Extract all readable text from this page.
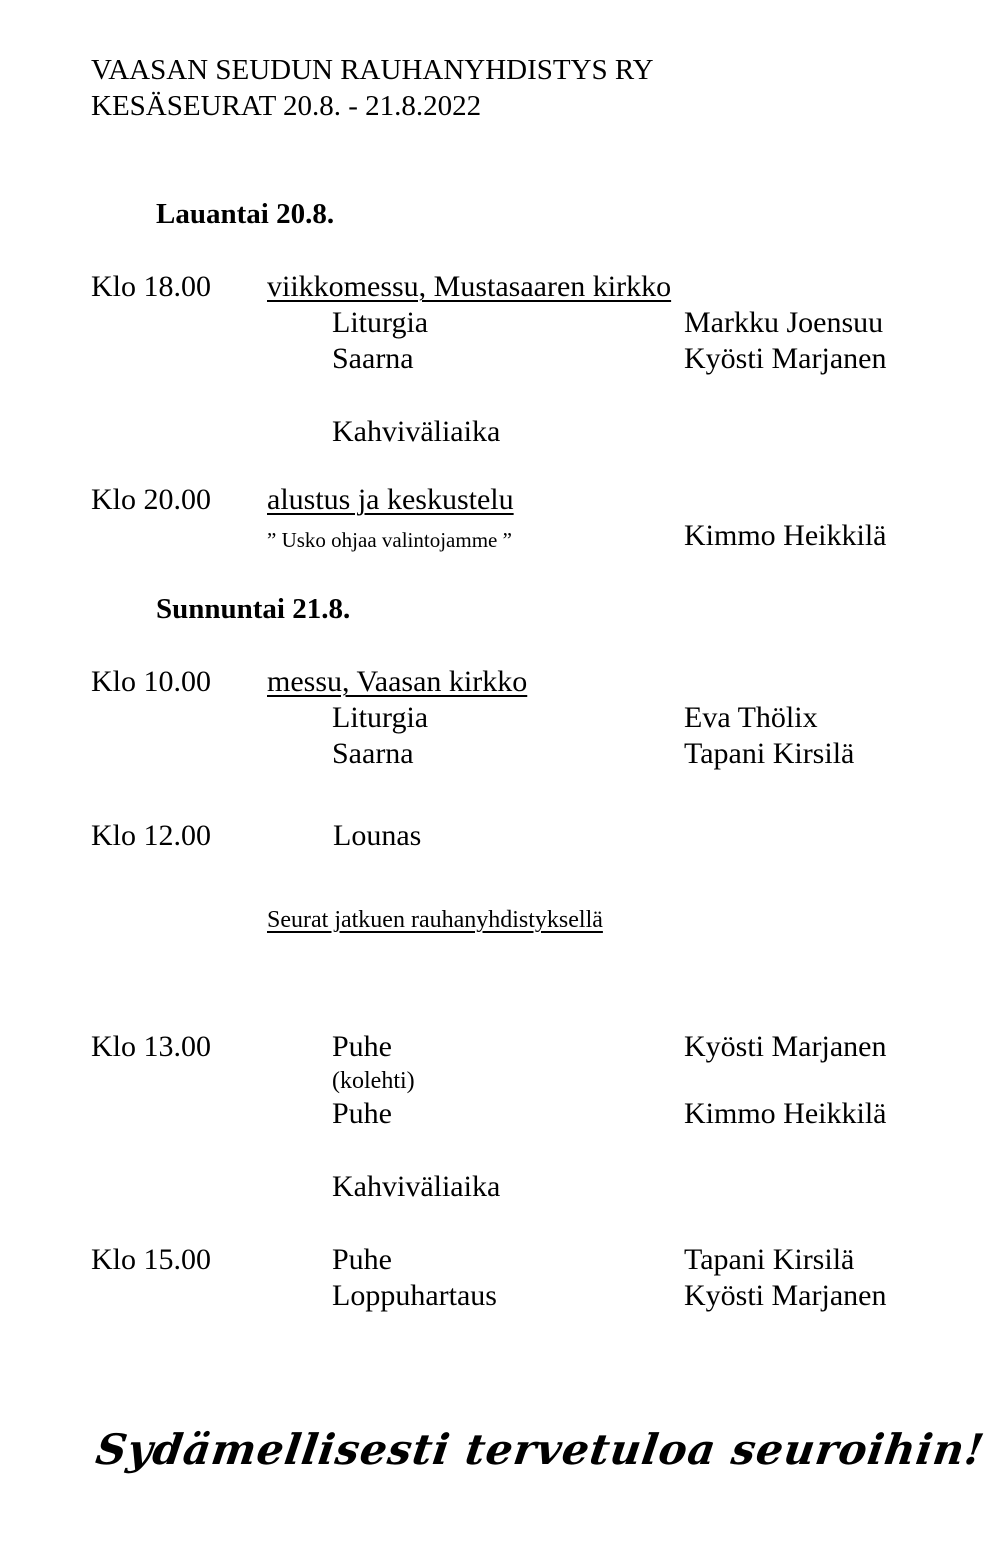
VAASAN SEUDUN RAUHANYHDISTYS RY
KESÄSEURAT 20.8. - 21.8.2022
Lauantai 20.8.
Klo 18.00 viikkomessu, Mustasaaren kirkko
Liturgia	Markku Joensuu
Saarna	Kyösti Marjanen
Kahviväliaika
Klo 20.00 alustus ja keskustelu
” Usko ohjaa valintojamme ”	Kimmo Heikkilä
Sunnuntai 21.8.
Klo 10.00 messu, Vaasan kirkko
Liturgia	Eva Thölix
Saarna	Tapani Kirsilä
Klo 12.00	Lounas
Seurat jatkuen rauhanyhdistyksellä
Klo 13.00	Puhe	Kyösti Marjanen
(kolehti)
Puhe	Kimmo Heikkilä
Kahviväliaika
Klo 15.00	Puhe	Tapani Kirsilä
Loppuhartaus	Kyösti Marjanen
Sydämellisesti tervetuloa seuroihin!
